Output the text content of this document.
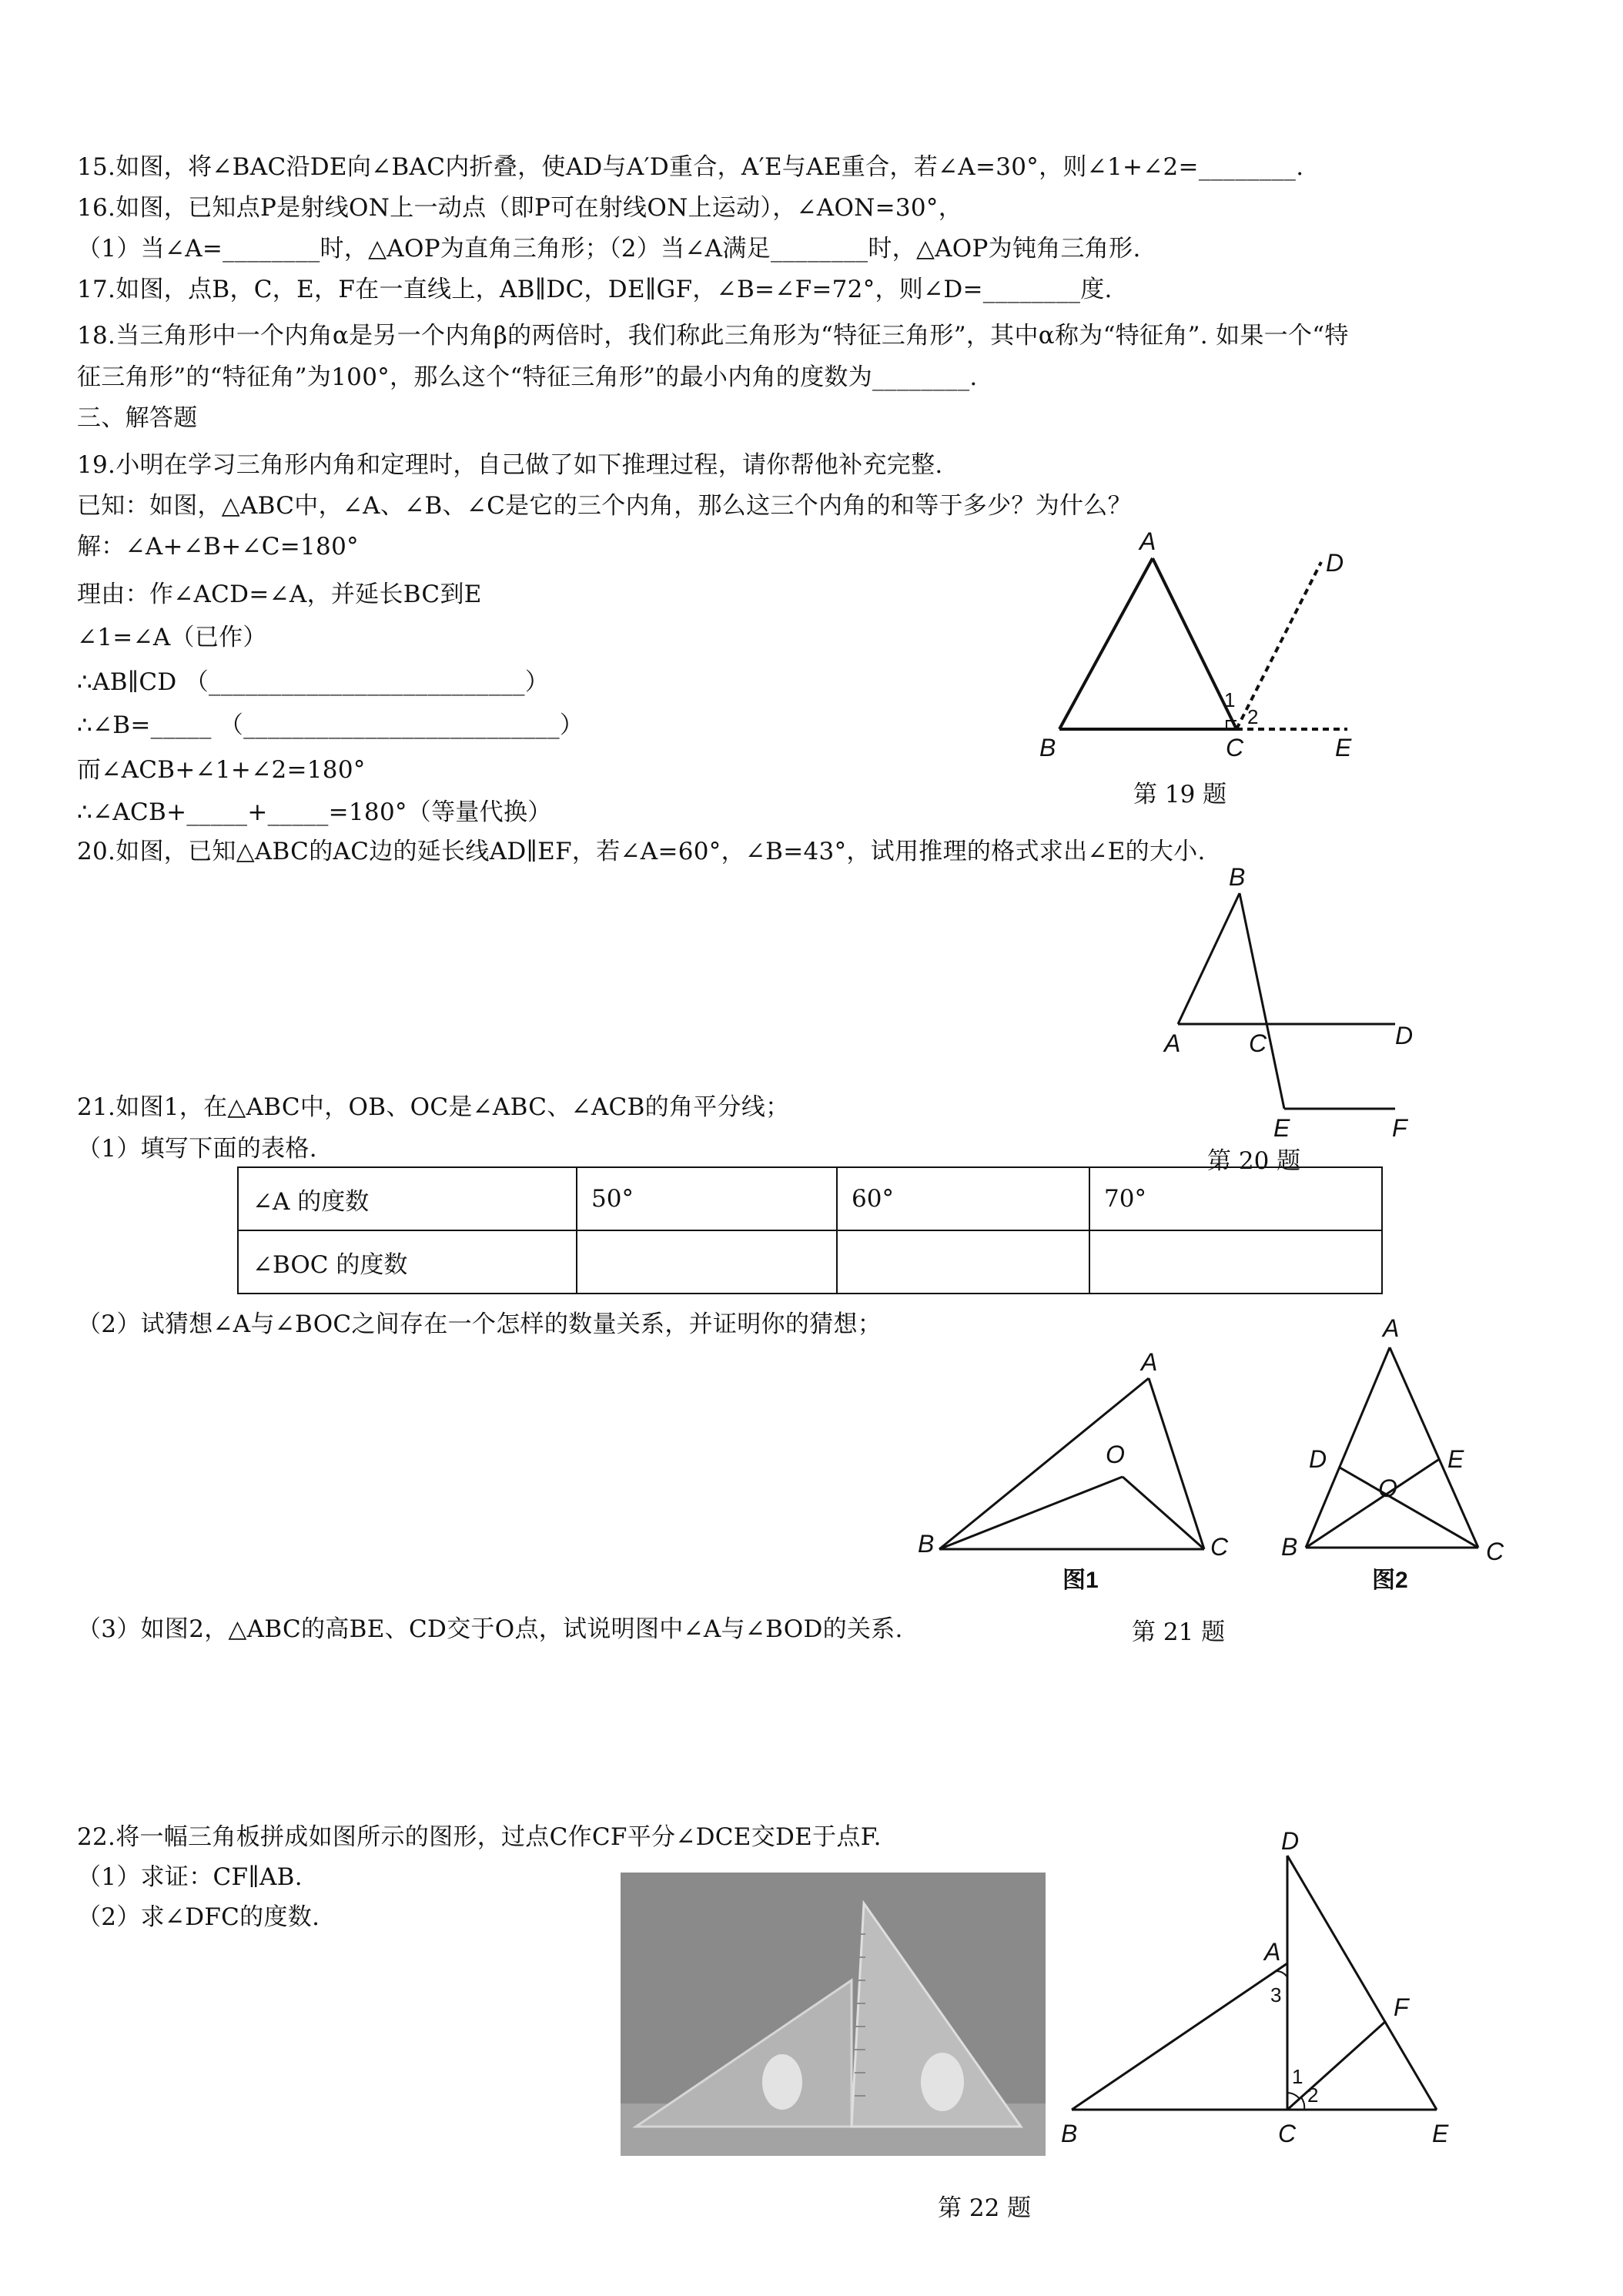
15.如图，将∠BAC沿DE向∠BAC内折叠，使AD与A′D重合，A′E与AE重合，若∠A=30°，则∠1+∠2=________.
16.如图，已知点P是射线ON上一动点（即P可在射线ON上运动），∠AON=30°，
（1）当∠A=________时，△AOP为直角三角形；（2）当∠A满足________时，△AOP为钝角三角形.
17.如图，点B，C，E，F在一直线上，AB∥DC，DE∥GF，∠B=∠F=72°，则∠D=________度.
18.当三角形中一个内角α是另一个内角β的两倍时，我们称此三角形为“特征三角形”，其中α称为“特征角”. 如果一个“特
征三角形”的“特征角”为100°，那么这个“特征三角形”的最小内角的度数为________.
三、解答题
19.小明在学习三角形内角和定理时，自己做了如下推理过程，请你帮他补充完整.
已知：如图，△ABC中，∠A、∠B、∠C是它的三个内角，那么这三个内角的和等于多少？为什么？
解：∠A+∠B+∠C=180°
理由：作∠ACD=∠A，并延长BC到E
∠1=∠A（已作）
∴AB∥CD （__________________________）
∴∠B=_____ （__________________________）
而∠ACB+∠1+∠2=180°
∴∠ACB+_____+_____=180°（等量代换）
20.如图，已知△ABC的AC边的延长线AD∥EF，若∠A=60°，∠B=43°，试用推理的格式求出∠E的大小.
21.如图1，在△ABC中，OB、OC是∠ABC、∠ACB的角平分线；
（1）填写下面的表格.
（2）试猜想∠A与∠BOC之间存在一个怎样的数量关系，并证明你的猜想；
（3）如图2，△ABC的高BE、CD交于O点，试说明图中∠A与∠BOD的关系.
22.将一幅三角板拼成如图所示的图形，过点C作CF平分∠DCE交DE于点F.
（1）求证：CF∥AB.
（2）求∠DFC的度数.
∠A 的度数	50°	60°	70°
∠BOC 的度数			
A
B	C
D
E
1
2
第 19 题
B
A	C	D
E	F
第 20 题
A
B	C
O
图1
A
B	C
D	E
O
图2
第 21 题
D
A
B	C	E
F
1
2
3
第 22 题
